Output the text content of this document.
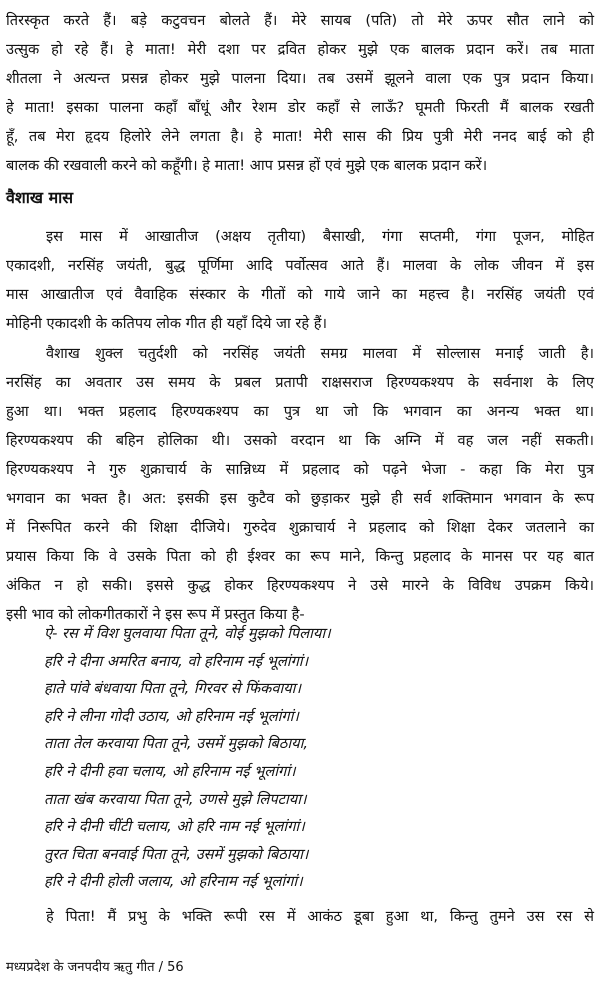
तिरस्कृत करते हैं। बड़े कटुवचन बोलते हैं। मेरे सायब (पति) तो मेरे ऊपर सौत लाने को
उत्सुक हो रहे हैं। हे माता! मेरी दशा पर द्रवित होकर मुझे एक बालक प्रदान करें। तब माता
शीतला ने अत्यन्त प्रसन्न होकर मुझे पालना दिया। तब उसमें झूलने वाला एक पुत्र प्रदान किया।
हे माता! इसका पालना कहाँ बाँधूं और रेशम डोर कहाँ से लाऊँ? घूमती फिरती मैं बालक रखती
हूँ, तब मेरा हृदय हिलोरे लेने लगता है। हे माता! मेरी सास की प्रिय पुत्री मेरी ननद बाई को ही
बालक की रखवाली करने को कहूँगी। हे माता! आप प्रसन्न हों एवं मुझे एक बालक प्रदान करें।
वैशाख मास
इस मास में आखातीज (अक्षय तृतीया) बैसाखी, गंगा सप्तमी, गंगा पूजन, मोहित
एकादशी, नरसिंह जयंती, बुद्ध पूर्णिमा आदि पर्वोत्सव आते हैं। मालवा के लोक जीवन में इस
मास आखातीज एवं वैवाहिक संस्कार के गीतों को गाये जाने का महत्त्व है। नरसिंह जयंती एवं
मोहिनी एकादशी के कतिपय लोक गीत ही यहाँ दिये जा रहे हैं।
वैशाख शुक्ल चतुर्दशी को नरसिंह जयंती समग्र मालवा में सोल्लास मनाई जाती है।
नरसिंह का अवतार उस समय के प्रबल प्रतापी राक्षसराज हिरण्यकश्यप के सर्वनाश के लिए
हुआ था। भक्त प्रहलाद हिरण्यकश्यप का पुत्र था जो कि भगवान का अनन्य भक्त था।
हिरण्यकश्यप की बहिन होलिका थी। उसको वरदान था कि अग्नि में वह जल नहीं सकती।
हिरण्यकश्यप ने गुरु शुक्राचार्य के सान्निध्य में प्रहलाद को पढ़ने भेजा - कहा कि मेरा पुत्र
भगवान का भक्त है। अत: इसकी इस कुटैव को छुड़ाकर मुझे ही सर्व शक्तिमान भगवान के रूप
में निरूपित करने की शिक्षा दीजिये। गुरुदेव शुक्राचार्य ने प्रहलाद को शिक्षा देकर जतलाने का
प्रयास किया कि वे उसके पिता को ही ईश्वर का रूप माने, किन्तु प्रहलाद के मानस पर यह बात
अंकित न हो सकी। इससे कुद्ध होकर हिरण्यकश्यप ने उसे मारने के विविध उपक्रम किये।
इसी भाव को लोकगीतकारों ने इस रूप में प्रस्तुत किया है-
ऐ- रस में विश घुलवाया पिता तूने, वोई मुझको पिलाया।
हरि ने दीना अमरित बनाय, वो हरिनाम नई भूलांगां।
हाते पांवे बंधवाया पिता तूने, गिरवर से फिंकवाया।
हरि ने लीना गोदी उठाय, ओ हरिनाम नई भूलांगां।
ताता तेल करवाया पिता तूने, उसमें मुझको बिठाया,
हरि ने दीनी हवा चलाय, ओ हरिनाम नई भूलांगां।
ताता खंब करवाया पिता तूने, उणसे मुझे लिपटाया।
हरि ने दीनी चींटी चलाय, ओ हरि नाम नई भूलांगां।
तुरत चिता बनवाई पिता तूने, उसमें मुझको बिठाया।
हरि ने दीनी होली जलाय, ओ हरिनाम नई भूलांगां।
हे पिता! मैं प्रभु के भक्ति रूपी रस में आकंठ डूबा हुआ था, किन्तु तुमने उस रस से
मध्यप्रदेश के जनपदीय ऋतु गीत / 56
